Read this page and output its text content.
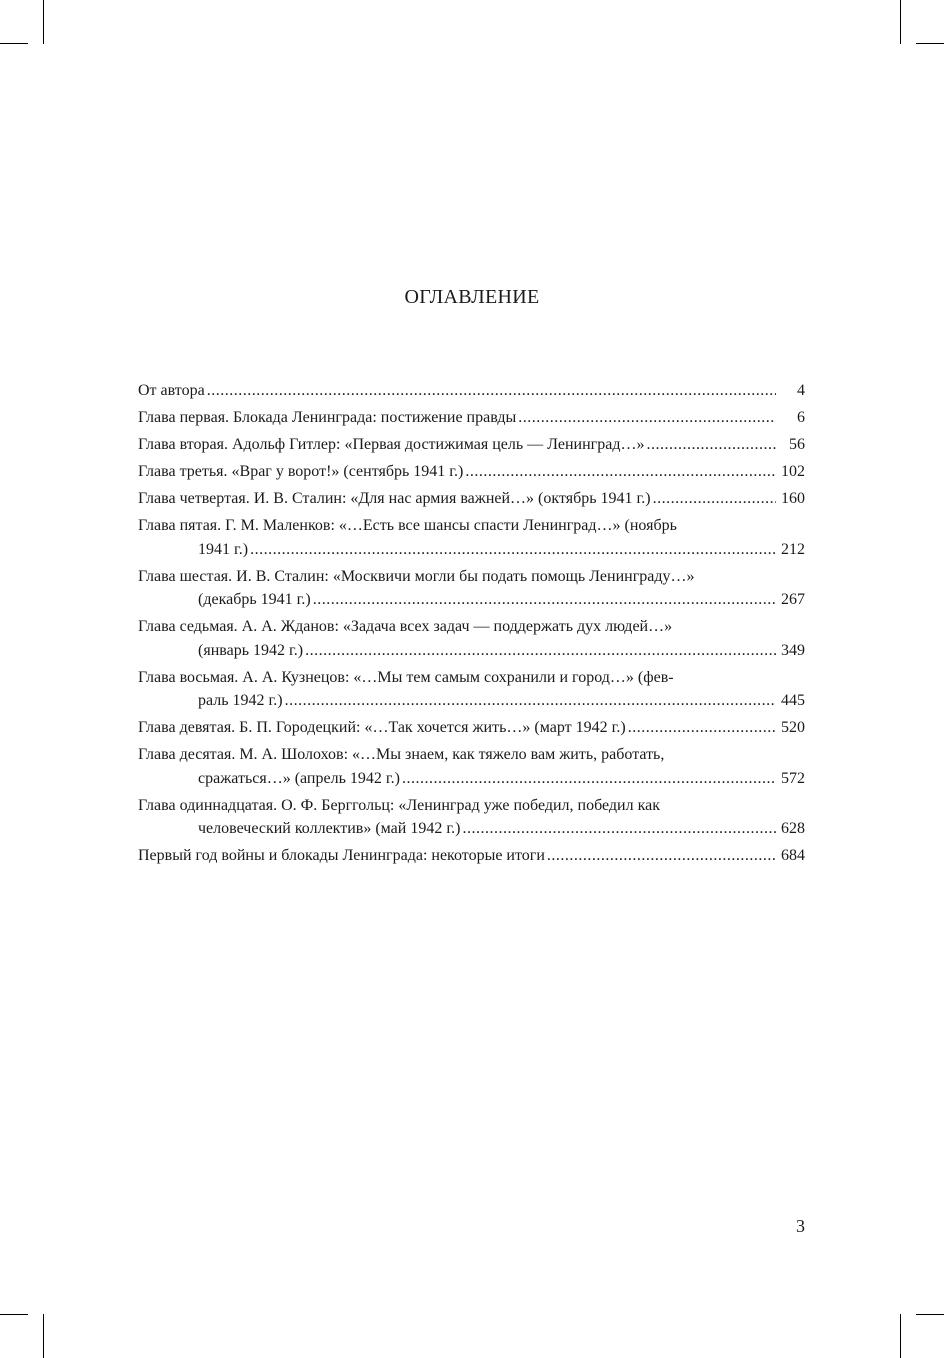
ОГЛАВЛЕНИЕ
От автора .....	4
Глава первая. Блокада Ленинграда: постижение правды .....	6
Глава вторая. Адольф Гитлер: «Первая достижимая цель — Ленинград…» .....	56
Глава третья. «Враг у ворот!» (сентябрь 1941 г.) .....	102
Глава четвертая. И. В. Сталин: «Для нас армия важней…» (октябрь 1941 г.) .....	160
Глава пятая. Г. М. Маленков: «…Есть все шансы спасти Ленинград…» (ноябрь
1941 г.) .....	212
Глава шестая. И. В. Сталин: «Москвичи могли бы подать помощь Ленинграду…»
(декабрь 1941 г.) .....	267
Глава седьмая. А. А. Жданов: «Задача всех задач — поддержать дух людей…»
(январь 1942 г.) .....	349
Глава восьмая. А. А. Кузнецов: «…Мы тем самым сохранили и город…» (фев-
раль 1942 г.) .....	445
Глава девятая. Б. П. Городецкий: «…Так хочется жить…» (март 1942 г.) .....	520
Глава десятая. М. А. Шолохов: «…Мы знаем, как тяжело вам жить, работать,
сражаться…» (апрель 1942 г.) .....	572
Глава одиннадцатая. О. Ф. Берггольц: «Ленинград уже победил, победил как
человеческий коллектив» (май 1942 г.) .....	628
Первый год войны и блокады Ленинграда: некоторые итоги .....	684
3
